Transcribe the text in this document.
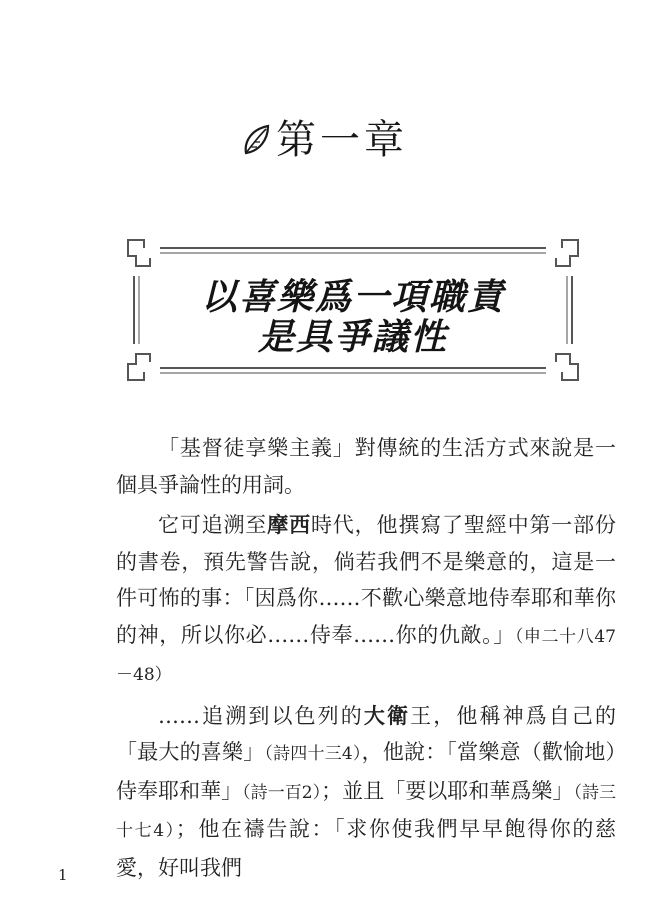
第一章
以喜樂爲一項職責
是具爭議性

「基督徒享樂主義」對傳統的生活方式來說是一個具爭論性的用詞。

它可追溯至摩西時代，他撰寫了聖經中第一部份的書卷，預先警告說，倘若我們不是樂意的，這是一件可怖的事：「因爲你……不歡心樂意地侍奉耶和華你的神，所以你必……侍奉……你的仇敵。」（申二十八47－48）

……追溯到以色列的大衛王，他稱神爲自己的「最大的喜樂」（詩四十三4），他說：「當樂意（歡愉地）侍奉耶和華」（詩一百2）；並且「要以耶和華爲樂」（詩三十七4）；他在禱告說：「求你使我們早早飽得你的慈愛，好叫我們

1
